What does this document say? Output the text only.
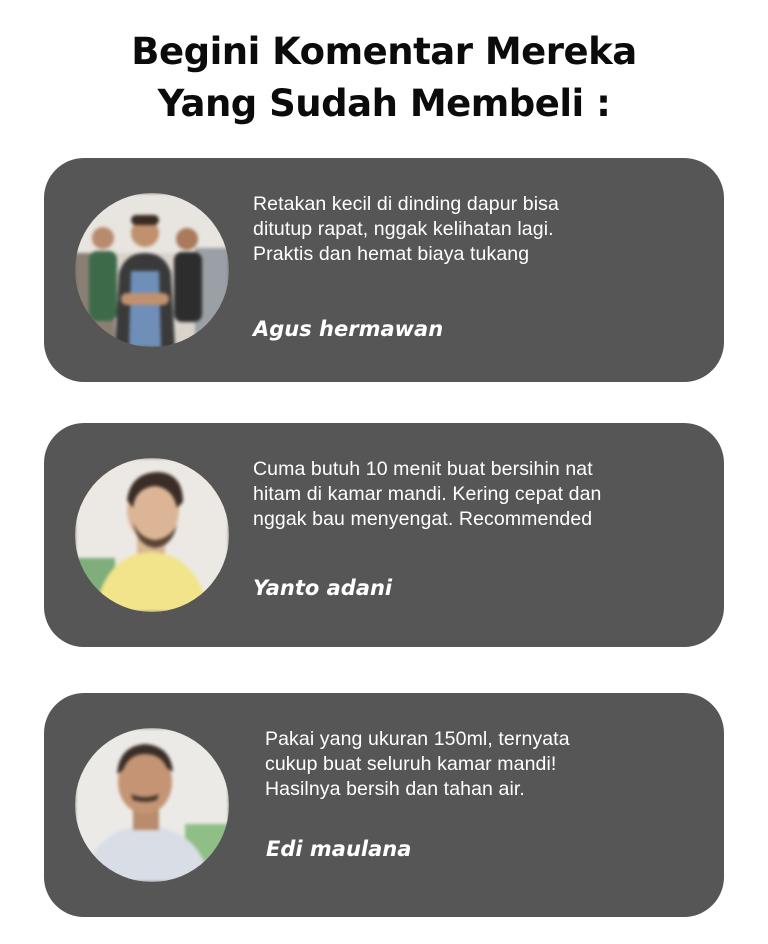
Begini Komentar Mereka
Yang Sudah Membeli :
Retakan kecil di dinding dapur bisa
ditutup rapat, nggak kelihatan lagi.
Praktis dan hemat biaya tukang
Agus hermawan
Cuma butuh 10 menit buat bersihin nat
hitam di kamar mandi. Kering cepat dan
nggak bau menyengat. Recommended
Yanto adani
Pakai yang ukuran 150ml, ternyata
cukup buat seluruh kamar mandi!
Hasilnya bersih dan tahan air.
Edi maulana
